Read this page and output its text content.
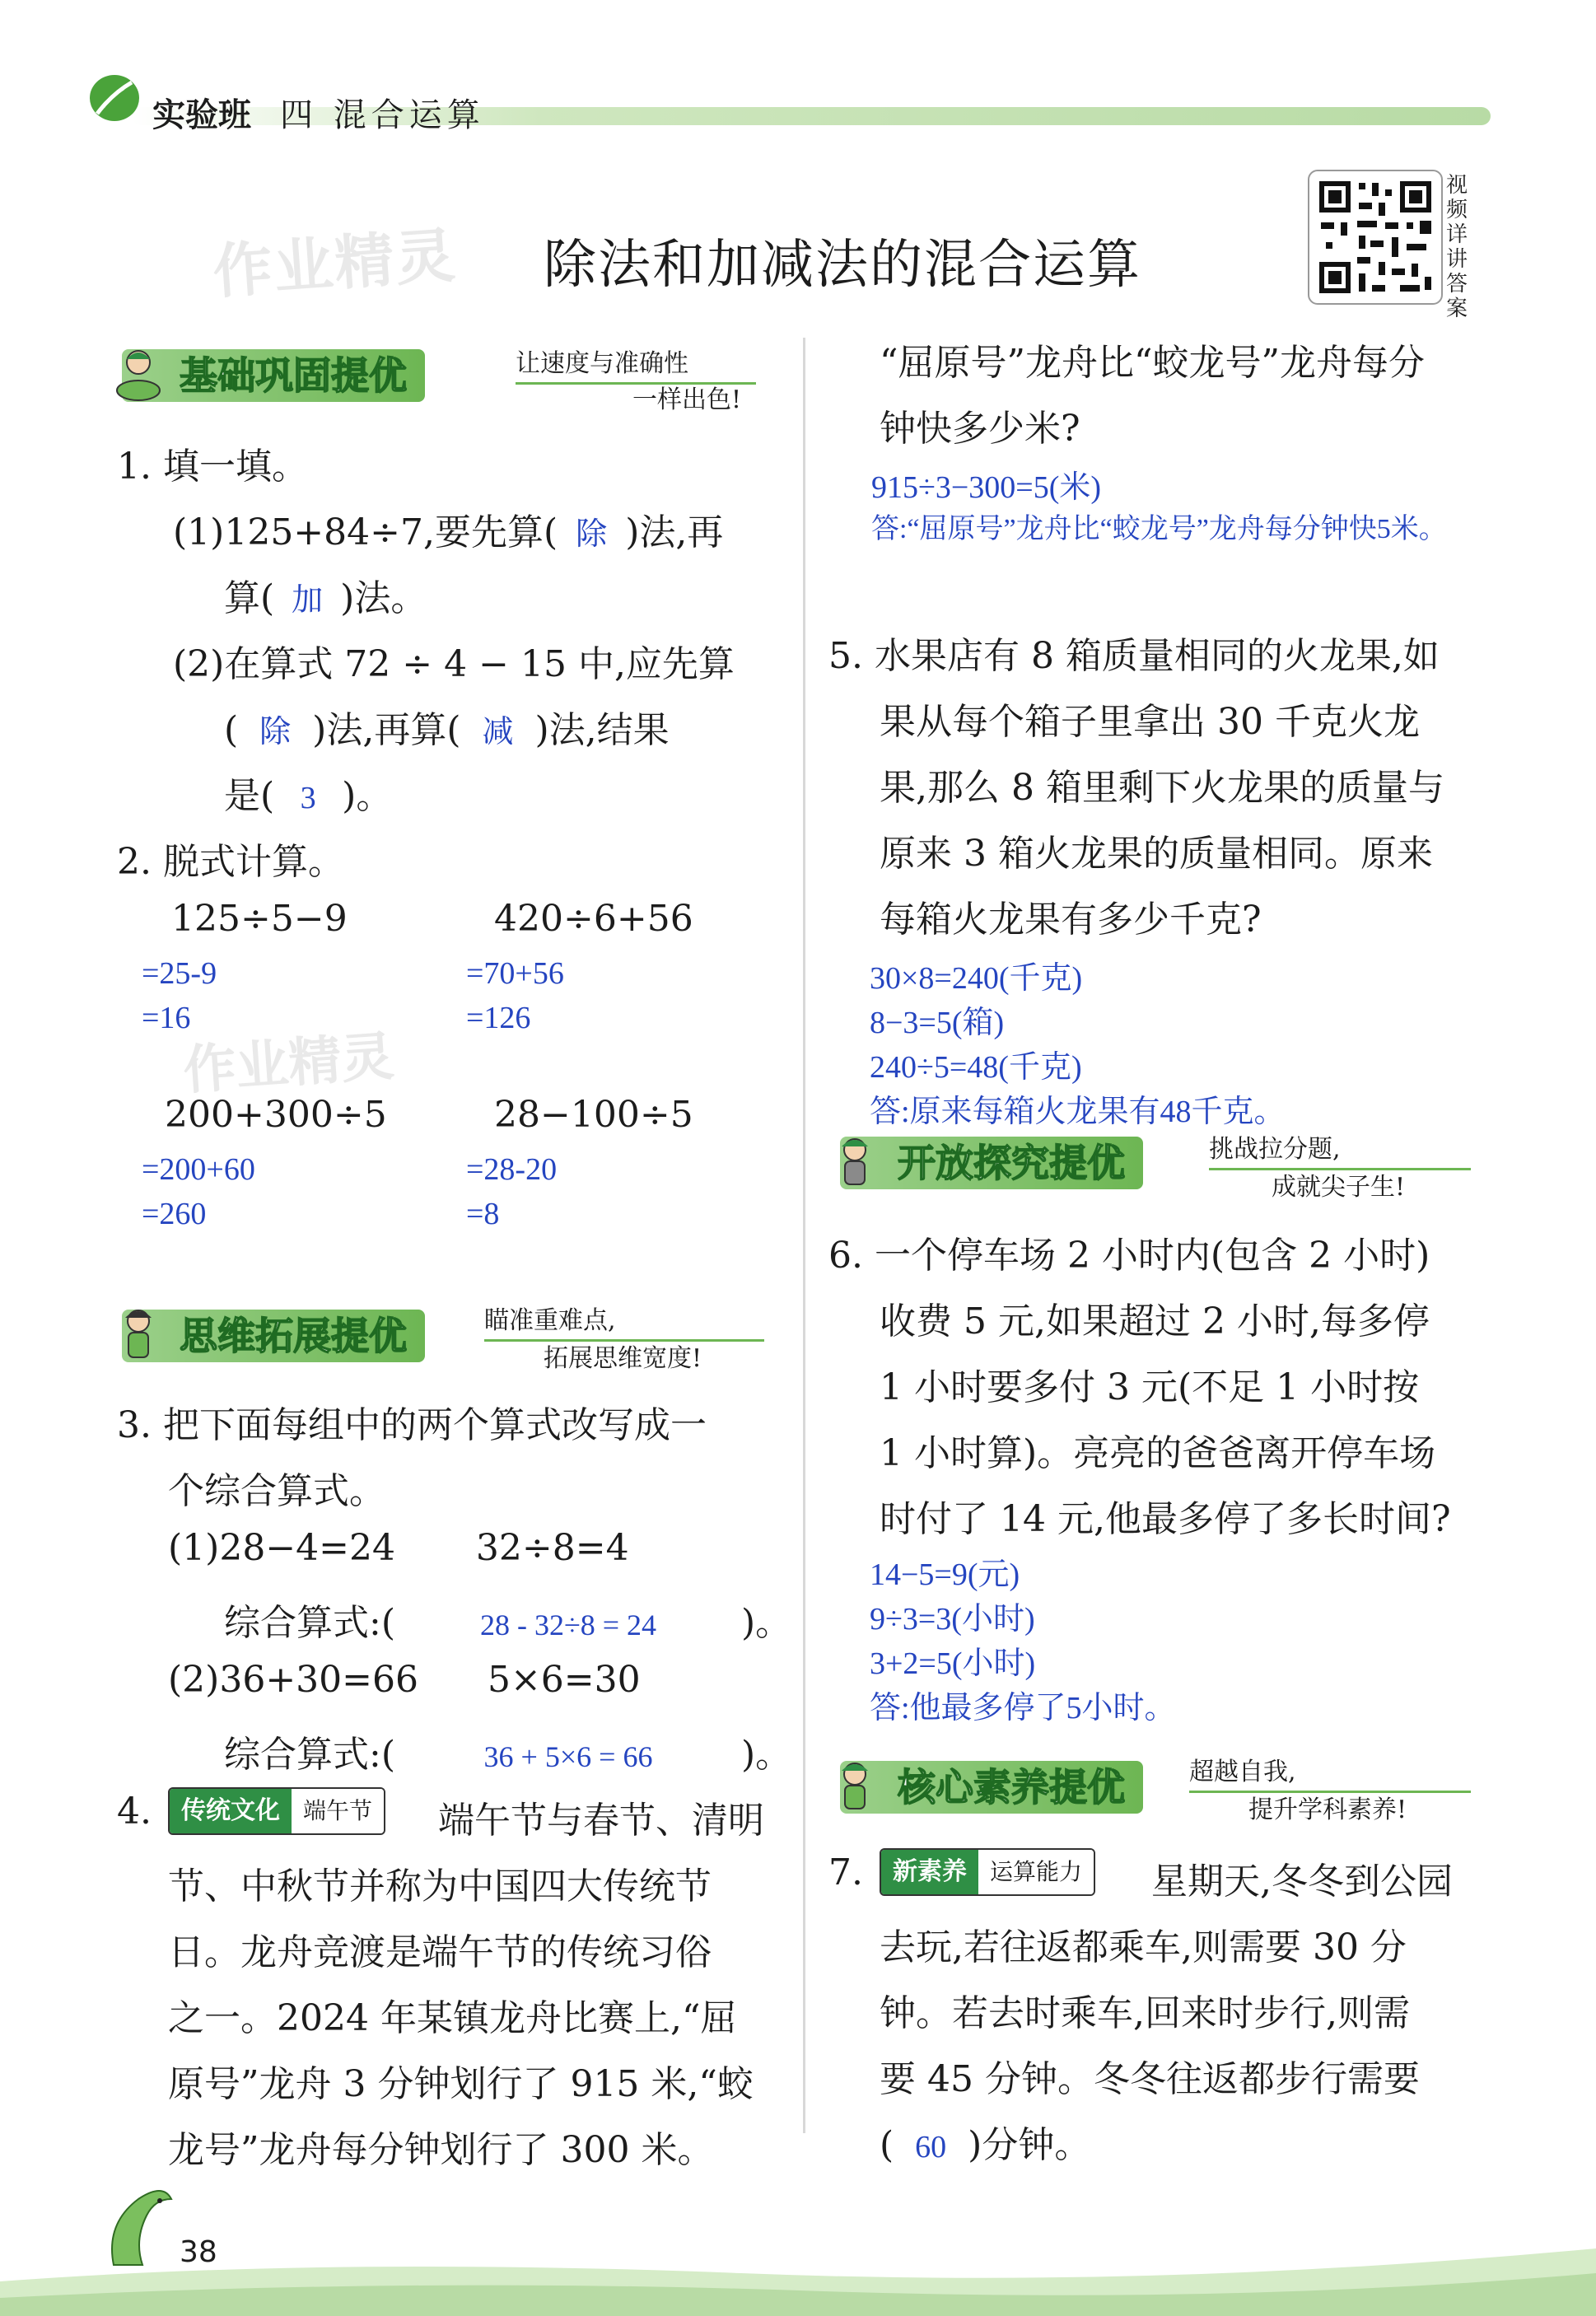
实验班 四 混合运算
作业精灵 除法和加减法的混合运算
视频详讲答案
基础巩固提优	让速度与准确性
一样出色!
1. 填一填。
(1)125+84÷7,要先算( 除 )法,再
算( 加 )法。
(2)在算式 72 ÷ 4 − 15 中,应先算
( 除 )法,再算( 减 )法,结果
是( 3 )。
2. 脱式计算。
125÷5−9
=25-9
=16
420÷6+56
=70+56
=126
作业精灵
200+300÷5
=200+60
=260
28−100÷5
=28-20
=8
思维拓展提优	瞄准重难点,
拓展思维宽度!
3. 把下面每组中的两个算式改写成一
个综合算式。
(1)28−4=24       32÷8=4
综合算式:(	28 - 32÷8 = 24 )。
(2)36+30=66      5×6=30
综合算式:(	36 + 5×6 = 66 )。
4.	传统文化 端午节	端午节与春节、清明
节、中秋节并称为中国四大传统节
日。龙舟竞渡是端午节的传统习俗
之一。2024 年某镇龙舟比赛上,“屈
原号”龙舟 3 分钟划行了 915 米,“蛟
龙号”龙舟每分钟划行了 300 米。
“屈原号”龙舟比“蛟龙号”龙舟每分
钟快多少米?
915÷3−300=5(米)
答:“屈原号”龙舟比“蛟龙号”龙舟每分钟快5米。
5. 水果店有 8 箱质量相同的火龙果,如
果从每个箱子里拿出 30 千克火龙
果,那么 8 箱里剩下火龙果的质量与
原来 3 箱火龙果的质量相同。原来
每箱火龙果有多少千克?
30×8=240(千克)
8−3=5(箱)
240÷5=48(千克)
答:原来每箱火龙果有48千克。
开放探究提优	挑战拉分题,
成就尖子生!
6. 一个停车场 2 小时内(包含 2 小时)
收费 5 元,如果超过 2 小时,每多停
1 小时要多付 3 元(不足 1 小时按
1 小时算)。亮亮的爸爸离开停车场
时付了 14 元,他最多停了多长时间?
14−5=9(元)
9÷3=3(小时)
3+2=5(小时)
答:他最多停了5小时。
核心素养提优	超越自我,
提升学科素养!
7.	新素养 运算能力	星期天,冬冬到公园
去玩,若往返都乘车,则需要 30 分
钟。若去时乘车,回来时步行,则需
要 45 分钟。冬冬往返都步行需要
( 60 )分钟。
38
